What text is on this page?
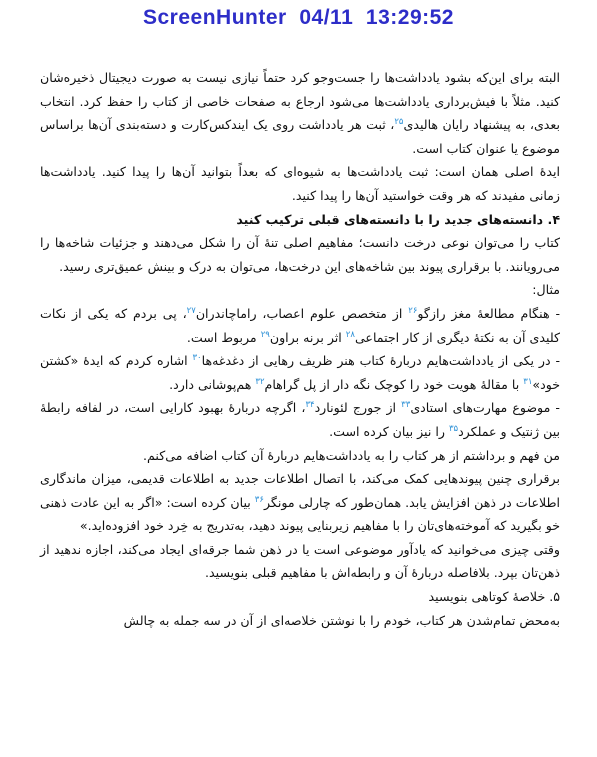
ScreenHunter  04/11  13:29:52

البته برای این‌که بشود یادداشت‌ها را جست‌وجو کرد حتماً نیازی نیست به صورت دیجیتال ذخیره‌شان کنید. مثلاً با فیش‌برداری یادداشت‌ها می‌شود ارجاع به صفحات خاصی از کتاب را حفظ کرد. انتخاب بعدی، به پیشنهاد رایان هالیدی$^{۲۵}$، ثبت هر یادداشت روی یک ایندکس‌کارت و دسته‌بندی آن‌ها براساس موضوع یا عنوان کتاب است.

ایدهٔ اصلی همان است: ثبت یادداشت‌ها به شیوه‌ای که بعداً بتوانید آن‌ها را پیدا کنید. یادداشت‌ها زمانی مفیدند که هر وقت خواستید آن‌ها را پیدا کنید.

۴. دانسته‌های جدید را با دانسته‌های قبلی ترکیب کنید

کتاب را می‌توان نوعی درخت دانست؛ مفاهیم اصلی تنهٔ آن را شکل می‌دهند و جزئیات شاخه‌ها را می‌رویانند. با برقراری پیوند بین شاخه‌های این درخت‌ها، می‌توان به درک و بینش عمیق‌تری رسید.

مثال:

- هنگام مطالعهٔ مغز رازگو$^{۲۶}$ از متخصص علوم اعصاب، راماچاندران$^{۲۷}$، پی بردم که یکی از نکات کلیدی آن به نکتهٔ دیگری از کار اجتماعی$^{۲۸}$ اثر برنه براون$^{۲۹}$ مربوط است.

- در یکی از یادداشت‌هایم دربارهٔ کتاب هنر ظریف رهایی از دغدغه‌ها$^{۳۰}$ اشاره کردم که ایدهٔ «کشتن خود»$^{۳۱}$ با مقالهٔ هویت خود را کوچک نگه دار از پل گراهام$^{۳۲}$ هم‌پوشانی دارد.

- موضوع مهارت‌های استادی$^{۳۳}$ از جورج لئونارد$^{۳۴}$، اگرچه دربارهٔ بهبود کارایی است، در لفافه رابطهٔ بین ژنتیک و عملکرد$^{۳۵}$ را نیز بیان کرده است.

من فهم و برداشتم از هر کتاب را به یادداشت‌هایم دربارهٔ آن کتاب اضافه می‌کنم.

برقراری چنین پیوندهایی کمک می‌کند، با اتصال اطلاعات جدید به اطلاعات قدیمی، میزان ماندگاری اطلاعات در ذهن افزایش یابد. همان‌طور که چارلی مونگر$^{۳۶}$ بیان کرده است: «اگر به این عادت ذهنی خو بگیرید که آموخته‌های‌تان را با مفاهیم زیربنایی پیوند دهید، به‌تدریج به خِرد خود افزوده‌اید.»

وقتی چیزی می‌خوانید که یادآور موضوعی است یا در ذهن شما جرقه‌ای ایجاد می‌کند، اجازه ندهید از ذهن‌تان بپرد. بلافاصله دربارهٔ آن و رابطه‌اش با مفاهیم قبلی بنویسید.

۵. خلاصهٔ کوتاهی بنویسید

به‌محض تمام‌شدن هر کتاب، خودم را با نوشتن خلاصه‌ای از آن در سه جمله به چالش
